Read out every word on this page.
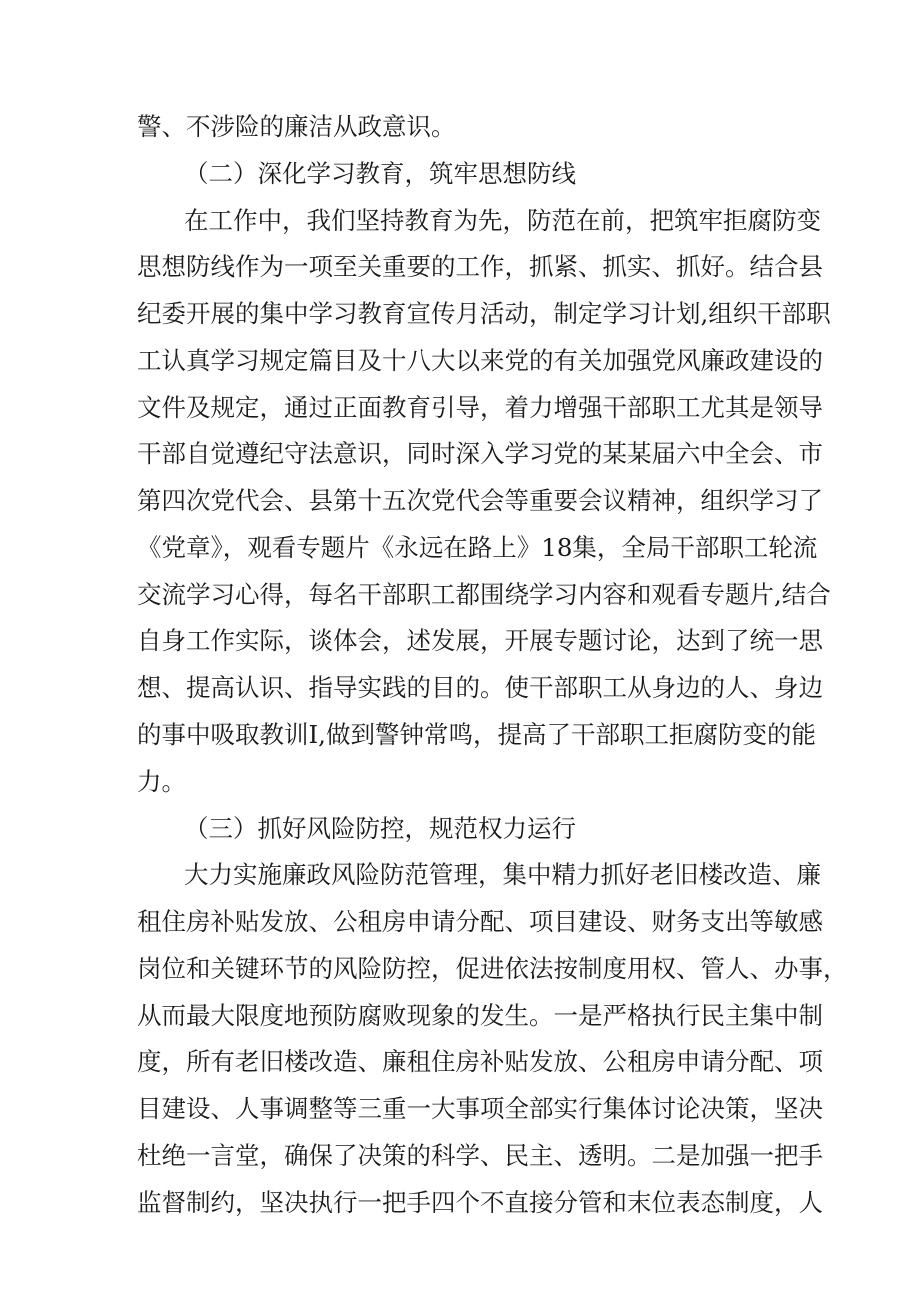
警、不涉险的廉洁从政意识。
（二）深化学习教育，筑牢思想防线
在工作中，我们坚持教育为先，防范在前，把筑牢拒腐防变
思想防线作为一项至关重要的工作，抓紧、抓实、抓好。结合县
纪委开展的集中学习教育宣传月活动，制定学习计划,组织干部职
工认真学习规定篇目及十八大以来党的有关加强党风廉政建设的
文件及规定，通过正面教育引导，着力增强干部职工尤其是领导
干部自觉遵纪守法意识，同时深入学习党的某某届六中全会、市
第四次党代会、县第十五次党代会等重要会议精神，组织学习了
《党章》，观看专题片《永远在路上》18集，全局干部职工轮流
交流学习心得，每名干部职工都围绕学习内容和观看专题片,结合
自身工作实际，谈体会，述发展，开展专题讨论，达到了统一思
想、提高认识、指导实践的目的。使干部职工从身边的人、身边
的事中吸取教训I,做到警钟常鸣，提高了干部职工拒腐防变的能
力。
（三）抓好风险防控，规范权力运行
大力实施廉政风险防范管理，集中精力抓好老旧楼改造、廉
租住房补贴发放、公租房申请分配、项目建设、财务支出等敏感
岗位和关键环节的风险防控，促进依法按制度用权、管人、办事，
从而最大限度地预防腐败现象的发生。一是严格执行民主集中制
度，所有老旧楼改造、廉租住房补贴发放、公租房申请分配、项
目建设、人事调整等三重一大事项全部实行集体讨论决策，坚决
杜绝一言堂，确保了决策的科学、民主、透明。二是加强一把手
监督制约，坚决执行一把手四个不直接分管和末位表态制度，人
